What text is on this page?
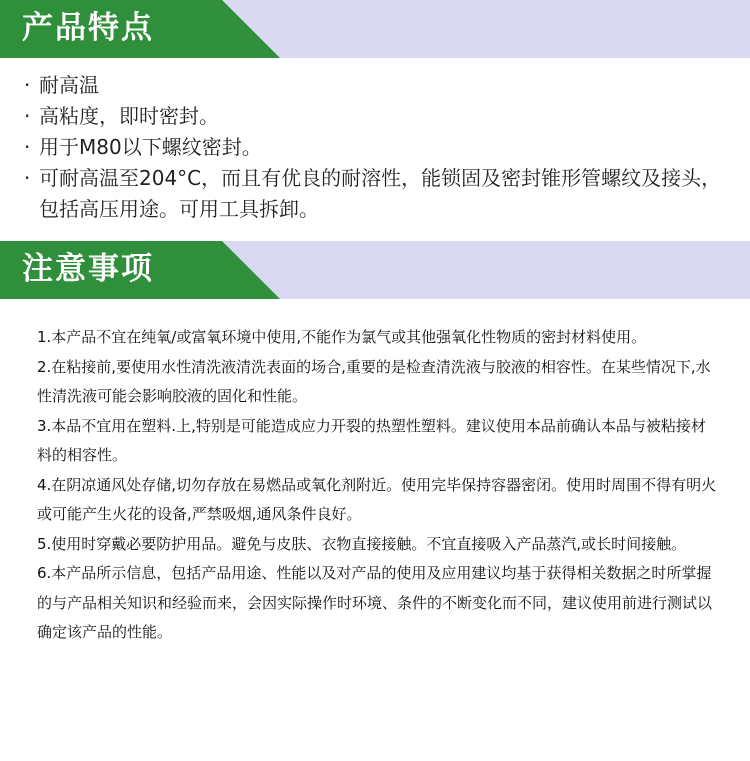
产品特点
· 耐高温
· 高粘度，即时密封。
· 用于M80以下螺纹密封。
· 可耐高温至204°C，而且有优良的耐溶性，能锁固及密封锥形管螺纹及接头，包括高压用途。可用工具拆卸。
注意事项
1.本产品不宜在纯氧/或富氧环境中使用,不能作为氯气或其他强氧化性物质的密封材料使用。
2.在粘接前,要使用水性清洗液清洗表面的场合,重要的是检查清洗液与胶液的相容性。在某些情况下,水性清洗液可能会影响胶液的固化和性能。
3.本品不宜用在塑料.上,特别是可能造成应力开裂的热塑性塑料。建议使用本品前确认本品与被粘接材料的相容性。
4.在阴凉通风处存储,切勿存放在易燃品或氧化剂附近。使用完毕保持容器密闭。使用时周围不得有明火或可能产生火花的设备,严禁吸烟,通风条件良好。
5.使用时穿戴必要防护用品。避免与皮肤、衣物直接接触。不宜直接吸入产品蒸汽,或长时间接触。
6.本产品所示信息，包括产品用途、性能以及对产品的使用及应用建议均基于获得相关数据之时所掌握的与产品相关知识和经验而来，会因实际操作时环境、条件的不断变化而不同，建议使用前进行测试以确定该产品的性能。
